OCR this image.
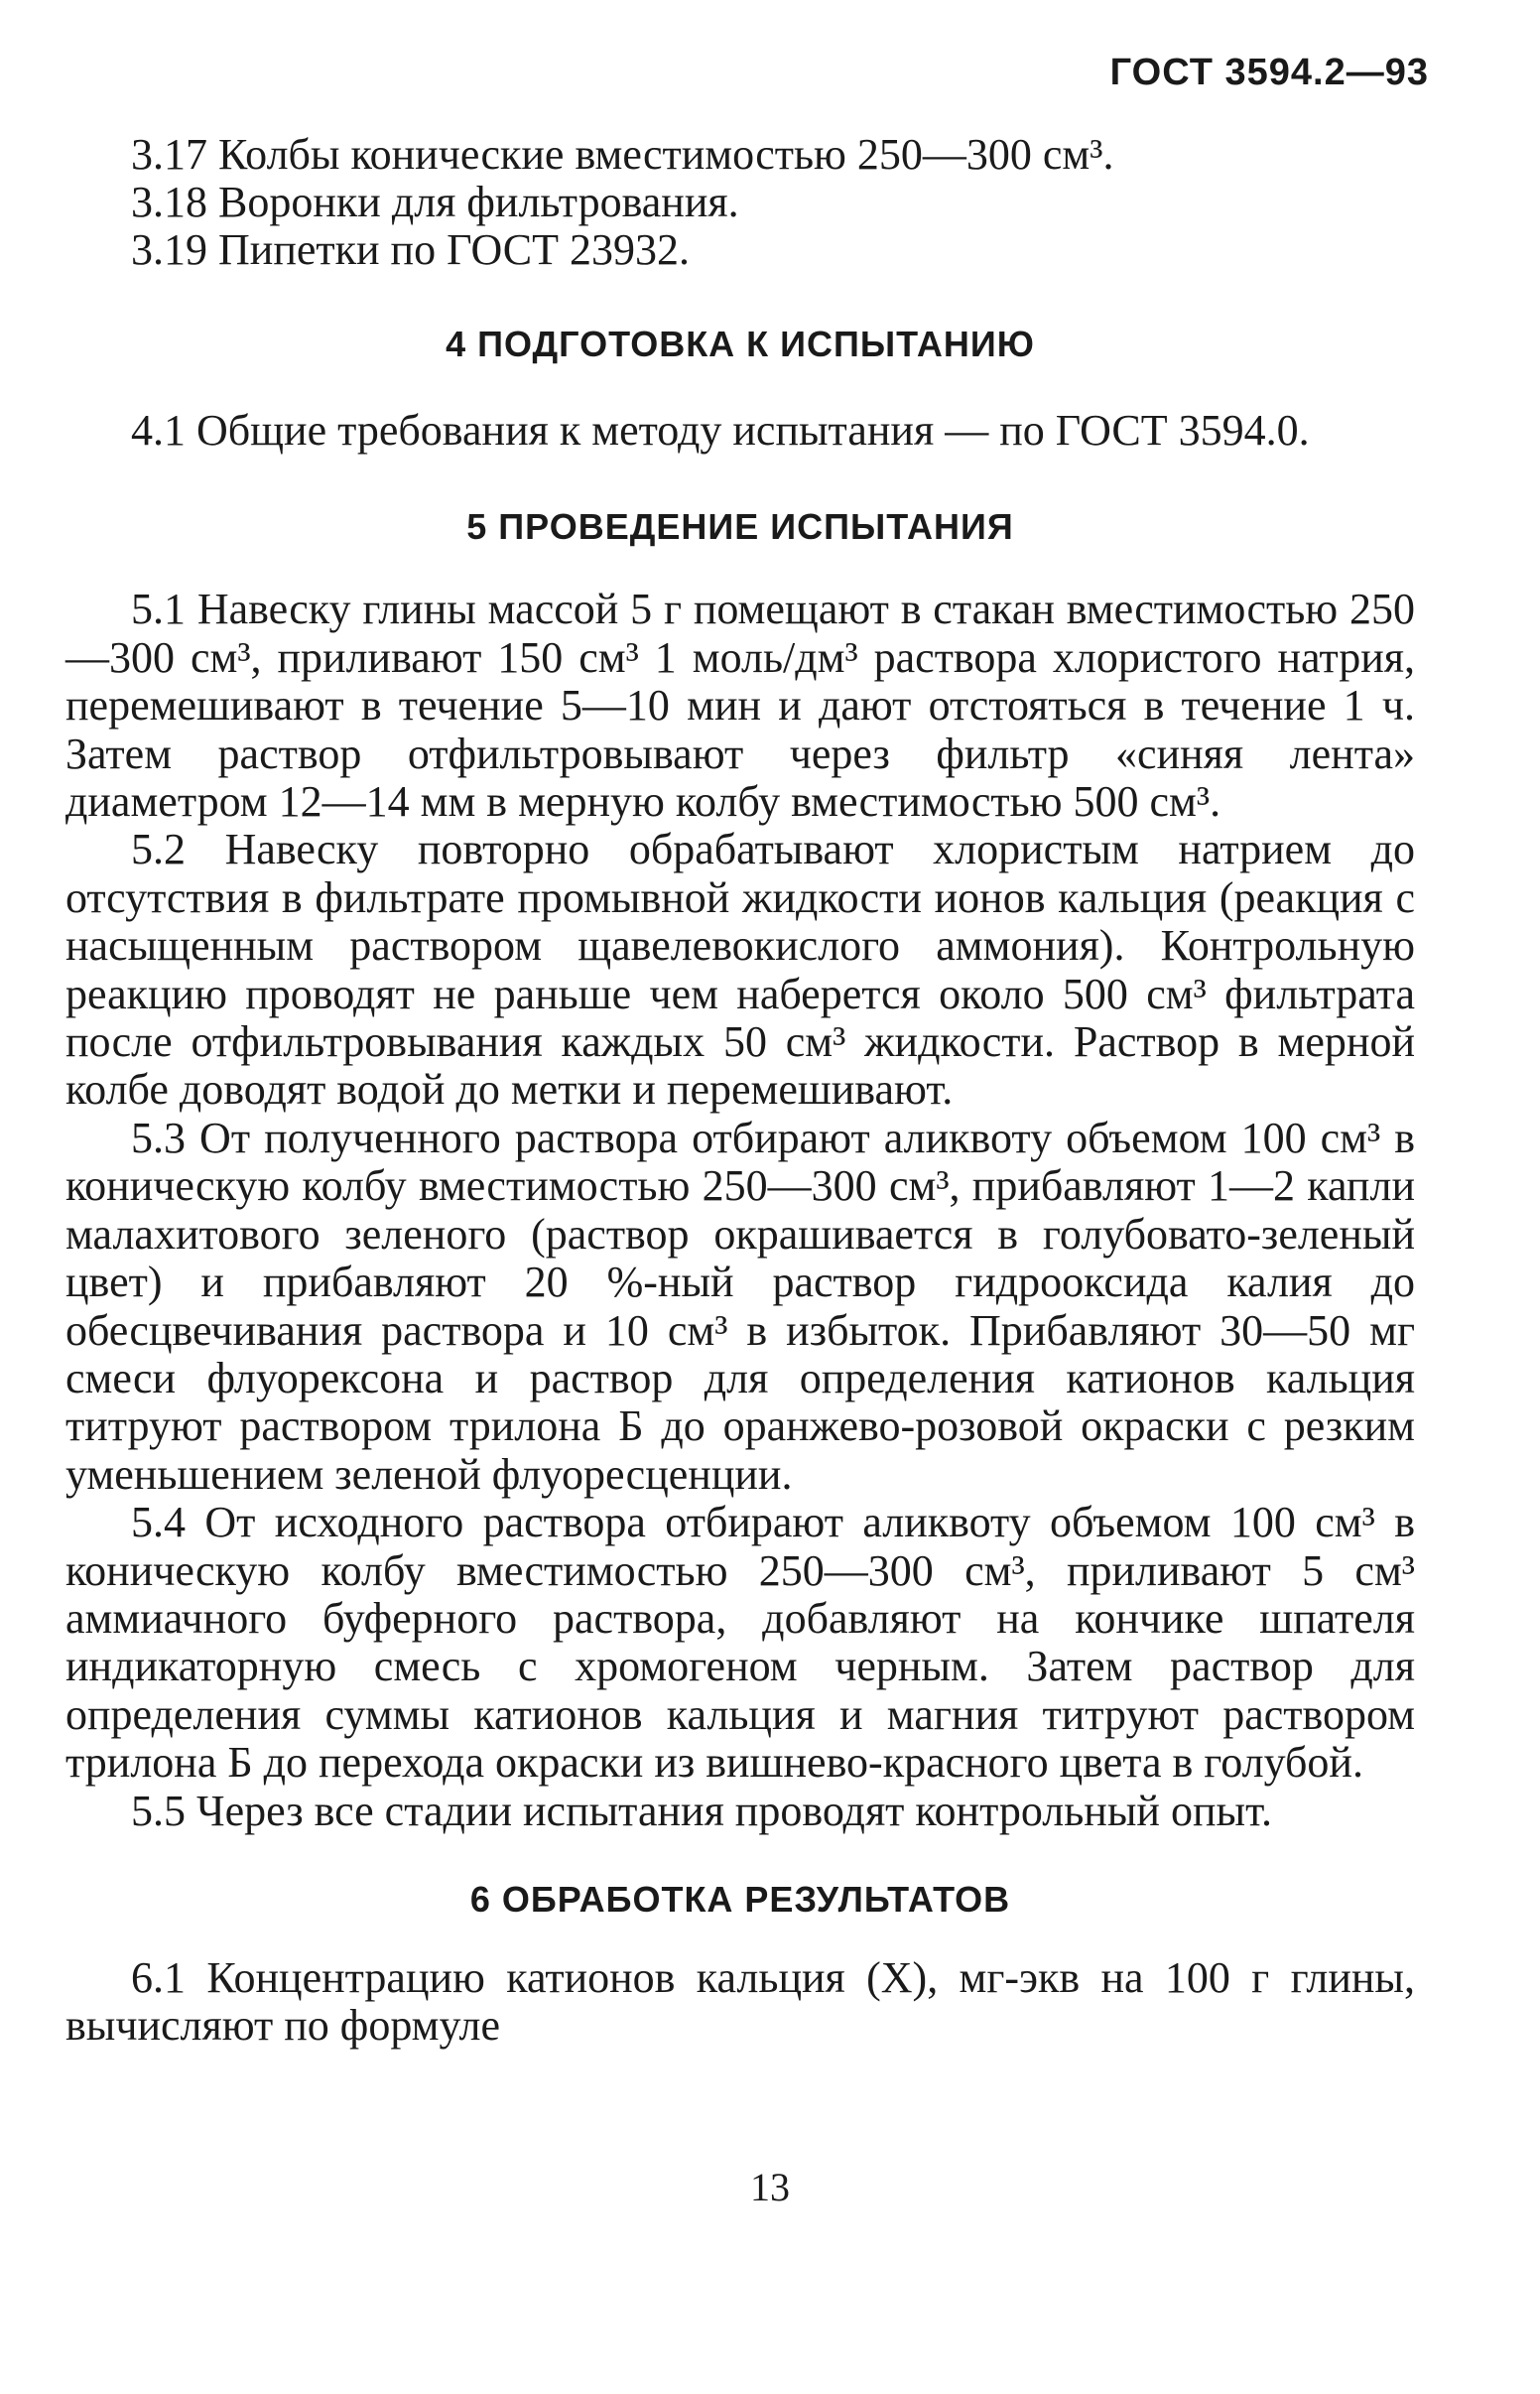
ГОСТ 3594.2—93

3.17 Колбы конические вместимостью 250—300 см³.

3.18 Воронки для фильтрования.

3.19 Пипетки по ГОСТ 23932.

4 ПОДГОТОВКА К ИСПЫТАНИЮ

4.1 Общие требования к методу испытания — по ГОСТ 3594.0.

5 ПРОВЕДЕНИЕ ИСПЫТАНИЯ

5.1 Навеску глины массой 5 г помещают в стакан вместимостью 250—300 см³, приливают 150 см³ 1 моль/дм³ раствора хлористого натрия, перемешивают в течение 5—10 мин и дают отстояться в течение 1 ч. Затем раствор отфильтровывают через фильтр «синяя лента» диаметром 12—14 мм в мерную колбу вместимостью 500 см³.

5.2 Навеску повторно обрабатывают хлористым натрием до отсутствия в фильтрате промывной жидкости ионов кальция (реакция с насыщенным раствором щавелевокислого аммония). Контрольную реакцию проводят не раньше чем наберется около 500 см³ фильтрата после отфильтровывания каждых 50 см³ жидкости. Раствор в мерной колбе доводят водой до метки и перемешивают.

5.3 От полученного раствора отбирают аликвоту объемом 100 см³ в коническую колбу вместимостью 250—300 см³, прибавляют 1—2 капли малахитового зеленого (раствор окрашивается в голубовато-зеленый цвет) и прибавляют 20 %-ный раствор гидрооксида калия до обесцвечивания раствора и 10 см³ в избыток. Прибавляют 30—50 мг смеси флуорексона и раствор для определения катионов кальция титруют раствором трилона Б до оранжево-розовой окраски с резким уменьшением зеленой флуоресценции.

5.4 От исходного раствора отбирают аликвоту объемом 100 см³ в коническую колбу вместимостью 250—300 см³, приливают 5 см³ аммиачного буферного раствора, добавляют на кончике шпателя индикаторную смесь с хромогеном черным. Затем раствор для определения суммы катионов кальция и магния титруют раствором трилона Б до перехода окраски из вишнево-красного цвета в голубой.

5.5 Через все стадии испытания проводят контрольный опыт.

6 ОБРАБОТКА РЕЗУЛЬТАТОВ

6.1 Концентрацию катионов кальция (X), мг-экв на 100 г глины, вычисляют по формуле

13
